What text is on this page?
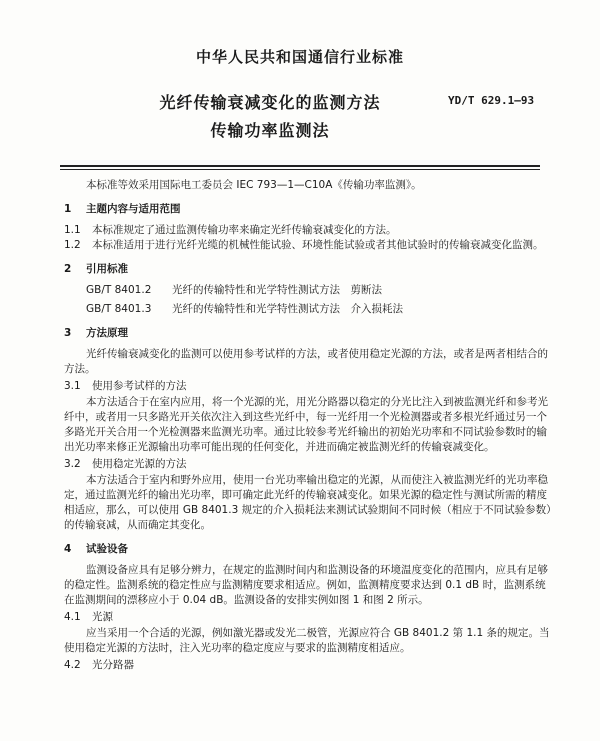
中华人民共和国通信行业标准
光纤传输衰减变化的监测方法
传输功率监测法
YD/T 629.1—93

本标准等效采用国际电工委员会 IEC 793—1—C10A《传输功率监测》。

1 主题内容与适用范围

1.1 本标准规定了通过监测传输功率来确定光纤传输衰减变化的方法。

1.2 本标准适用于进行光纤光缆的机械性能试验、环境性能试验或者其他试验时的传输衰减变化监测。

2 引用标准

GB/T 8401.2 光纤的传输特性和光学特性测试方法　剪断法

GB/T 8401.3 光纤的传输特性和光学特性测试方法　介入损耗法

3 方法原理

光纤传输衰减变化的监测可以使用参考试样的方法，或者使用稳定光源的方法，或者是两者相结合的方法。

3.1 使用参考试样的方法

本方法适合于在室内应用，将一个光源的光，用光分路器以稳定的分光比注入到被监测光纤和参考光纤中，或者用一只多路光开关依次注入到这些光纤中，每一光纤用一个光检测器或者多根光纤通过另一个多路光开关合用一个光检测器来监测光功率。通过比较参考光纤输出的初始光功率和不同试验参数时的输出光功率来修正光源输出功率可能出现的任何变化，并进而确定被监测光纤的传输衰减变化。

3.2 使用稳定光源的方法

本方法适合于室内和野外应用，使用一台光功率输出稳定的光源，从而使注入被监测光纤的光功率稳定，通过监测光纤的输出光功率，即可确定此光纤的传输衰减变化。如果光源的稳定性与测试所需的精度相适应，那么，可以使用 GB 8401.3 规定的介入损耗法来测试试验期间不同时候（相应于不同试验参数）的传输衰减，从而确定其变化。

4 试验设备

监测设备应具有足够分辨力，在规定的监测时间内和监测设备的环境温度变化的范围内，应具有足够的稳定性。监测系统的稳定性应与监测精度要求相适应。例如，监测精度要求达到 0.1 dB 时，监测系统在监测期间的漂移应小于 0.04 dB。监测设备的安排实例如图 1 和图 2 所示。

4.1 光源

应当采用一个合适的光源，例如激光器或发光二极管，光源应符合 GB 8401.2 第 1.1 条的规定。当使用稳定光源的方法时，注入光功率的稳定度应与要求的监测精度相适应。

4.2 光分路器
